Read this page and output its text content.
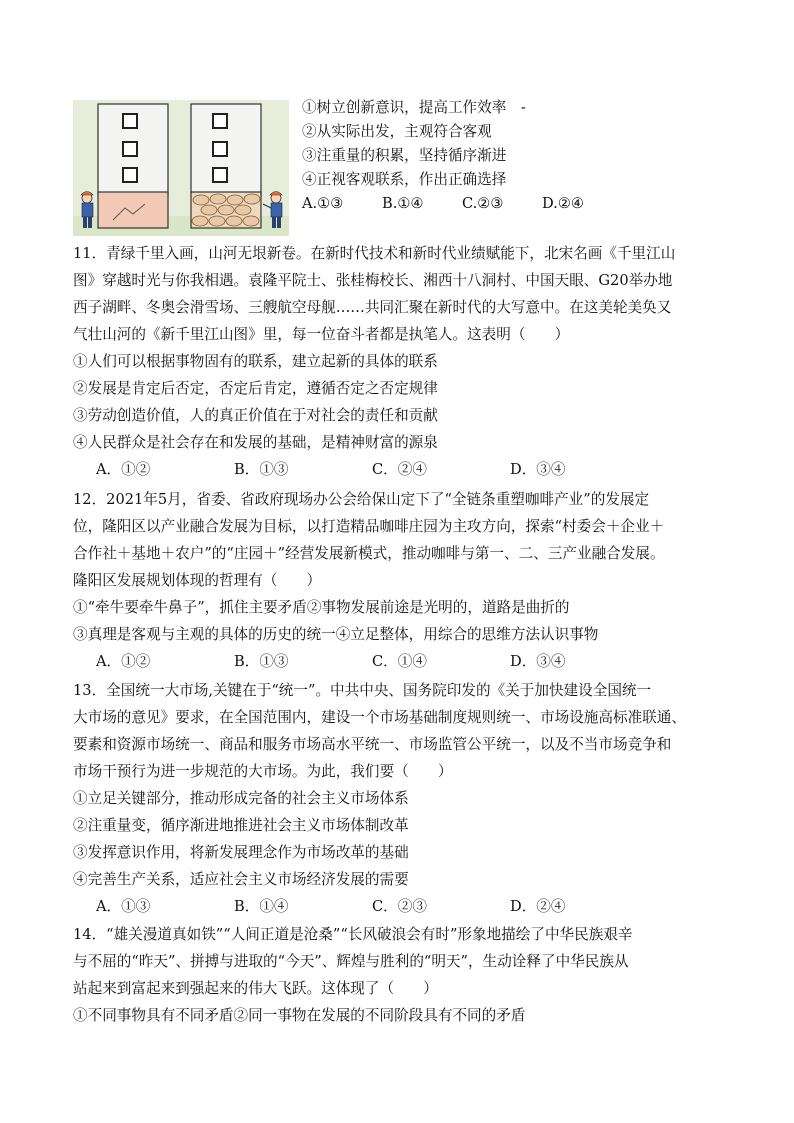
①树立创新意识，提高工作效率　-
②从实际出发，主观符合客观
③注重量的积累，坚持循序渐进
④正视客观联系，作出正确选择
A.①③	B.①④	C.②③	D.②④
11．青绿千里入画，山河无垠新卷。在新时代技术和新时代业绩赋能下，北宋名画《千里江山
图》穿越时光与你我相遇。袁隆平院士、张桂梅校长、湘西十八洞村、中国天眼、G20举办地
西子湖畔、冬奥会滑雪场、三艘航空母舰……共同汇聚在新时代的大写意中。在这美轮美奂又
气壮山河的《新千里江山图》里，每一位奋斗者都是执笔人。这表明（　　）
①人们可以根据事物固有的联系，建立起新的具体的联系
②发展是肯定后否定，否定后肯定，遵循否定之否定规律
③劳动创造价值，人的真正价值在于对社会的责任和贡献
④人民群众是社会存在和发展的基础，是精神财富的源泉
A．①②	B．①③	C．②④	D．③④
12．2021年5月，省委、省政府现场办公会给保山定下了“全链条重塑咖啡产业”的发展定
位，隆阳区以产业融合发展为目标，以打造精品咖啡庄园为主攻方向，探索“村委会＋企业＋
合作社＋基地＋农户”的“庄园＋”经营发展新模式，推动咖啡与第一、二、三产业融合发展。
隆阳区发展规划体现的哲理有（　　）
①“牵牛要牵牛鼻子”，抓住主要矛盾②事物发展前途是光明的，道路是曲折的
③真理是客观与主观的具体的历史的统一④立足整体，用综合的思维方法认识事物
A．①②	B．①③	C．①④	D．③④
13．全国统一大市场,关键在于“统一”。中共中央、国务院印发的《关于加快建设全国统一
大市场的意见》要求，在全国范围内，建设一个市场基础制度规则统一、市场设施高标准联通、
要素和资源市场统一、商品和服务市场高水平统一、市场监管公平统一，以及不当市场竞争和
市场干预行为进一步规范的大市场。为此，我们要（　　）
①立足关键部分，推动形成完备的社会主义市场体系
②注重量变，循序渐进地推进社会主义市场体制改革
③发挥意识作用，将新发展理念作为市场改革的基础
④完善生产关系，适应社会主义市场经济发展的需要
A．①③	B．①④	C．②③	D．②④
14．“雄关漫道真如铁”“人间正道是沧桑”“长风破浪会有时”形象地描绘了中华民族艰辛
与不屈的“昨天”、拼搏与进取的“今天”、辉煌与胜利的“明天”，生动诠释了中华民族从
站起来到富起来到强起来的伟大飞跃。这体现了（　　）
①不同事物具有不同矛盾②同一事物在发展的不同阶段具有不同的矛盾
